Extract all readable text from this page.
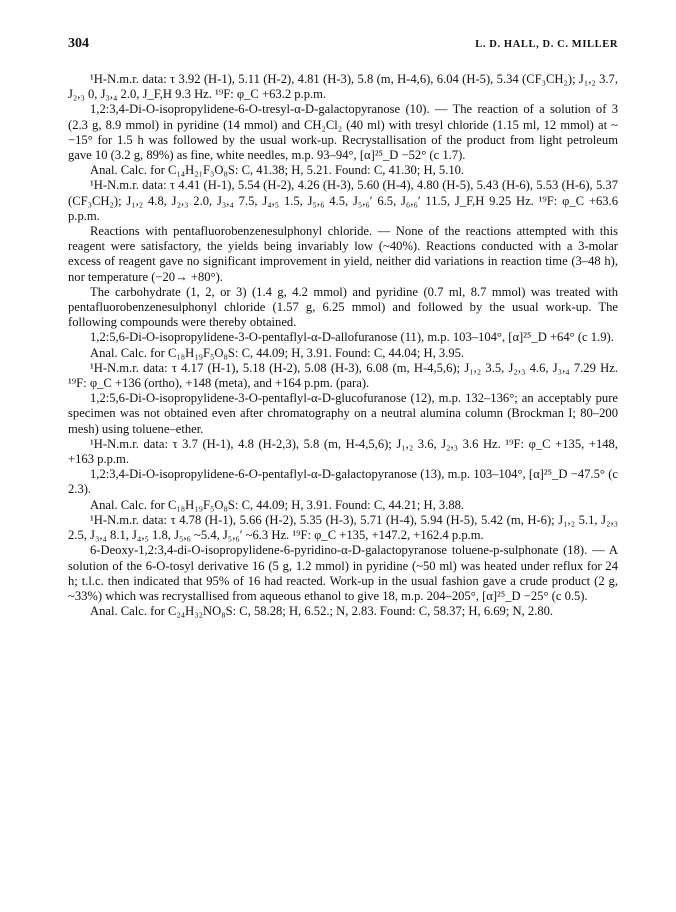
304	L. D. HALL, D. C. MILLER

¹H-N.m.r. data: τ 3.92 (H-1), 5.11 (H-2), 4.81 (H-3), 5.8 (m, H-4,6), 6.04 (H-5), 5.34 (CF₃CH₂); J₁,₂ 3.7, J₂,₃ 0, J₃,₄ 2.0, J_F,H 9.3 Hz. ¹⁹F: φ_C +63.2 p.p.m.

1,2:3,4-Di-O-isopropylidene-6-O-tresyl-α-D-galactopyranose (10). — The reaction of a solution of 3 (2.3 g, 8.9 mmol) in pyridine (14 mmol) and CH₂Cl₂ (40 ml) with tresyl chloride (1.15 ml, 12 mmol) at ~ −15° for 1.5 h was followed by the usual work-up. Recrystallisation of the product from light petroleum gave 10 (3.2 g, 89%) as fine, white needles, m.p. 93–94°, [α]²⁵_D −52° (c 1.7).

Anal. Calc. for C₁₄H₂₁F₃O₈S: C, 41.38; H, 5.21. Found: C, 41.30; H, 5.10.

¹H-N.m.r. data: τ 4.41 (H-1), 5.54 (H-2), 4.26 (H-3), 5.60 (H-4), 4.80 (H-5), 5.43 (H-6), 5.53 (H-6), 5.37 (CF₃CH₂); J₁,₂ 4.8, J₂,₃ 2.0, J₃,₄ 7.5, J₄,₅ 1.5, J₅,₆ 4.5, J₅,₆′ 6.5, J₆,₆′ 11.5, J_F,H 9.25 Hz. ¹⁹F: φ_C +63.6 p.p.m.

Reactions with pentafluorobenzenesulphonyl chloride. — None of the reactions attempted with this reagent were satisfactory, the yields being invariably low (~40%). Reactions conducted with a 3-molar excess of reagent gave no significant improvement in yield, neither did variations in reaction time (3–48 h), nor temperature (−20→ +80°).

The carbohydrate (1, 2, or 3) (1.4 g, 4.2 mmol) and pyridine (0.7 ml, 8.7 mmol) was treated with pentafluorobenzenesulphonyl chloride (1.57 g, 6.25 mmol) and followed by the usual work-up. The following compounds were thereby obtained.

1,2:5,6-Di-O-isopropylidene-3-O-pentaflyl-α-D-allofuranose (11), m.p. 103–104°, [α]²⁵_D +64° (c 1.9).

Anal. Calc. for C₁₈H₁₉F₅O₈S: C, 44.09; H, 3.91. Found: C, 44.04; H, 3.95.

¹H-N.m.r. data: τ 4.17 (H-1), 5.18 (H-2), 5.08 (H-3), 6.08 (m, H-4,5,6); J₁,₂ 3.5, J₂,₃ 4.6, J₃,₄ 7.29 Hz. ¹⁹F: φ_C +136 (ortho), +148 (meta), and +164 p.pm. (para).

1,2:5,6-Di-O-isopropylidene-3-O-pentaflyl-α-D-glucofuranose (12), m.p. 132–136°; an acceptably pure specimen was not obtained even after chromatography on a neutral alumina column (Brockman I; 80–200 mesh) using toluene–ether.

¹H-N.m.r. data: τ 3.7 (H-1), 4.8 (H-2,3), 5.8 (m, H-4,5,6); J₁,₂ 3.6, J₂,₃ 3.6 Hz. ¹⁹F: φ_C +135, +148, +163 p.p.m.

1,2:3,4-Di-O-isopropylidene-6-O-pentaflyl-α-D-galactopyranose (13), m.p. 103–104°, [α]²⁵_D −47.5° (c 2.3).

Anal. Calc. for C₁₈H₁₉F₅O₈S: C, 44.09; H, 3.91. Found: C, 44.21; H, 3.88.

¹H-N.m.r. data: τ 4.78 (H-1), 5.66 (H-2), 5.35 (H-3), 5.71 (H-4), 5.94 (H-5), 5.42 (m, H-6); J₁,₂ 5.1, J₂,₃ 2.5, J₃,₄ 8.1, J₄,₅ 1.8, J₅,₆ ~5.4, J₅,₆′ ~6.3 Hz. ¹⁹F: φ_C +135, +147.2, +162.4 p.p.m.

6-Deoxy-1,2:3,4-di-O-isopropylidene-6-pyridino-α-D-galactopyranose toluene-p-sulphonate (18). — A solution of the 6-O-tosyl derivative 16 (5 g, 1.2 mmol) in pyridine (~50 ml) was heated under reflux for 24 h; t.l.c. then indicated that 95% of 16 had reacted. Work-up in the usual fashion gave a crude product (2 g, ~33%) which was recrystallised from aqueous ethanol to give 18, m.p. 204–205°, [α]²⁵_D −25° (c 0.5).

Anal. Calc. for C₂₄H₃₂NO₈S: C, 58.28; H, 6.52.; N, 2.83. Found: C, 58.37; H, 6.69; N, 2.80.
